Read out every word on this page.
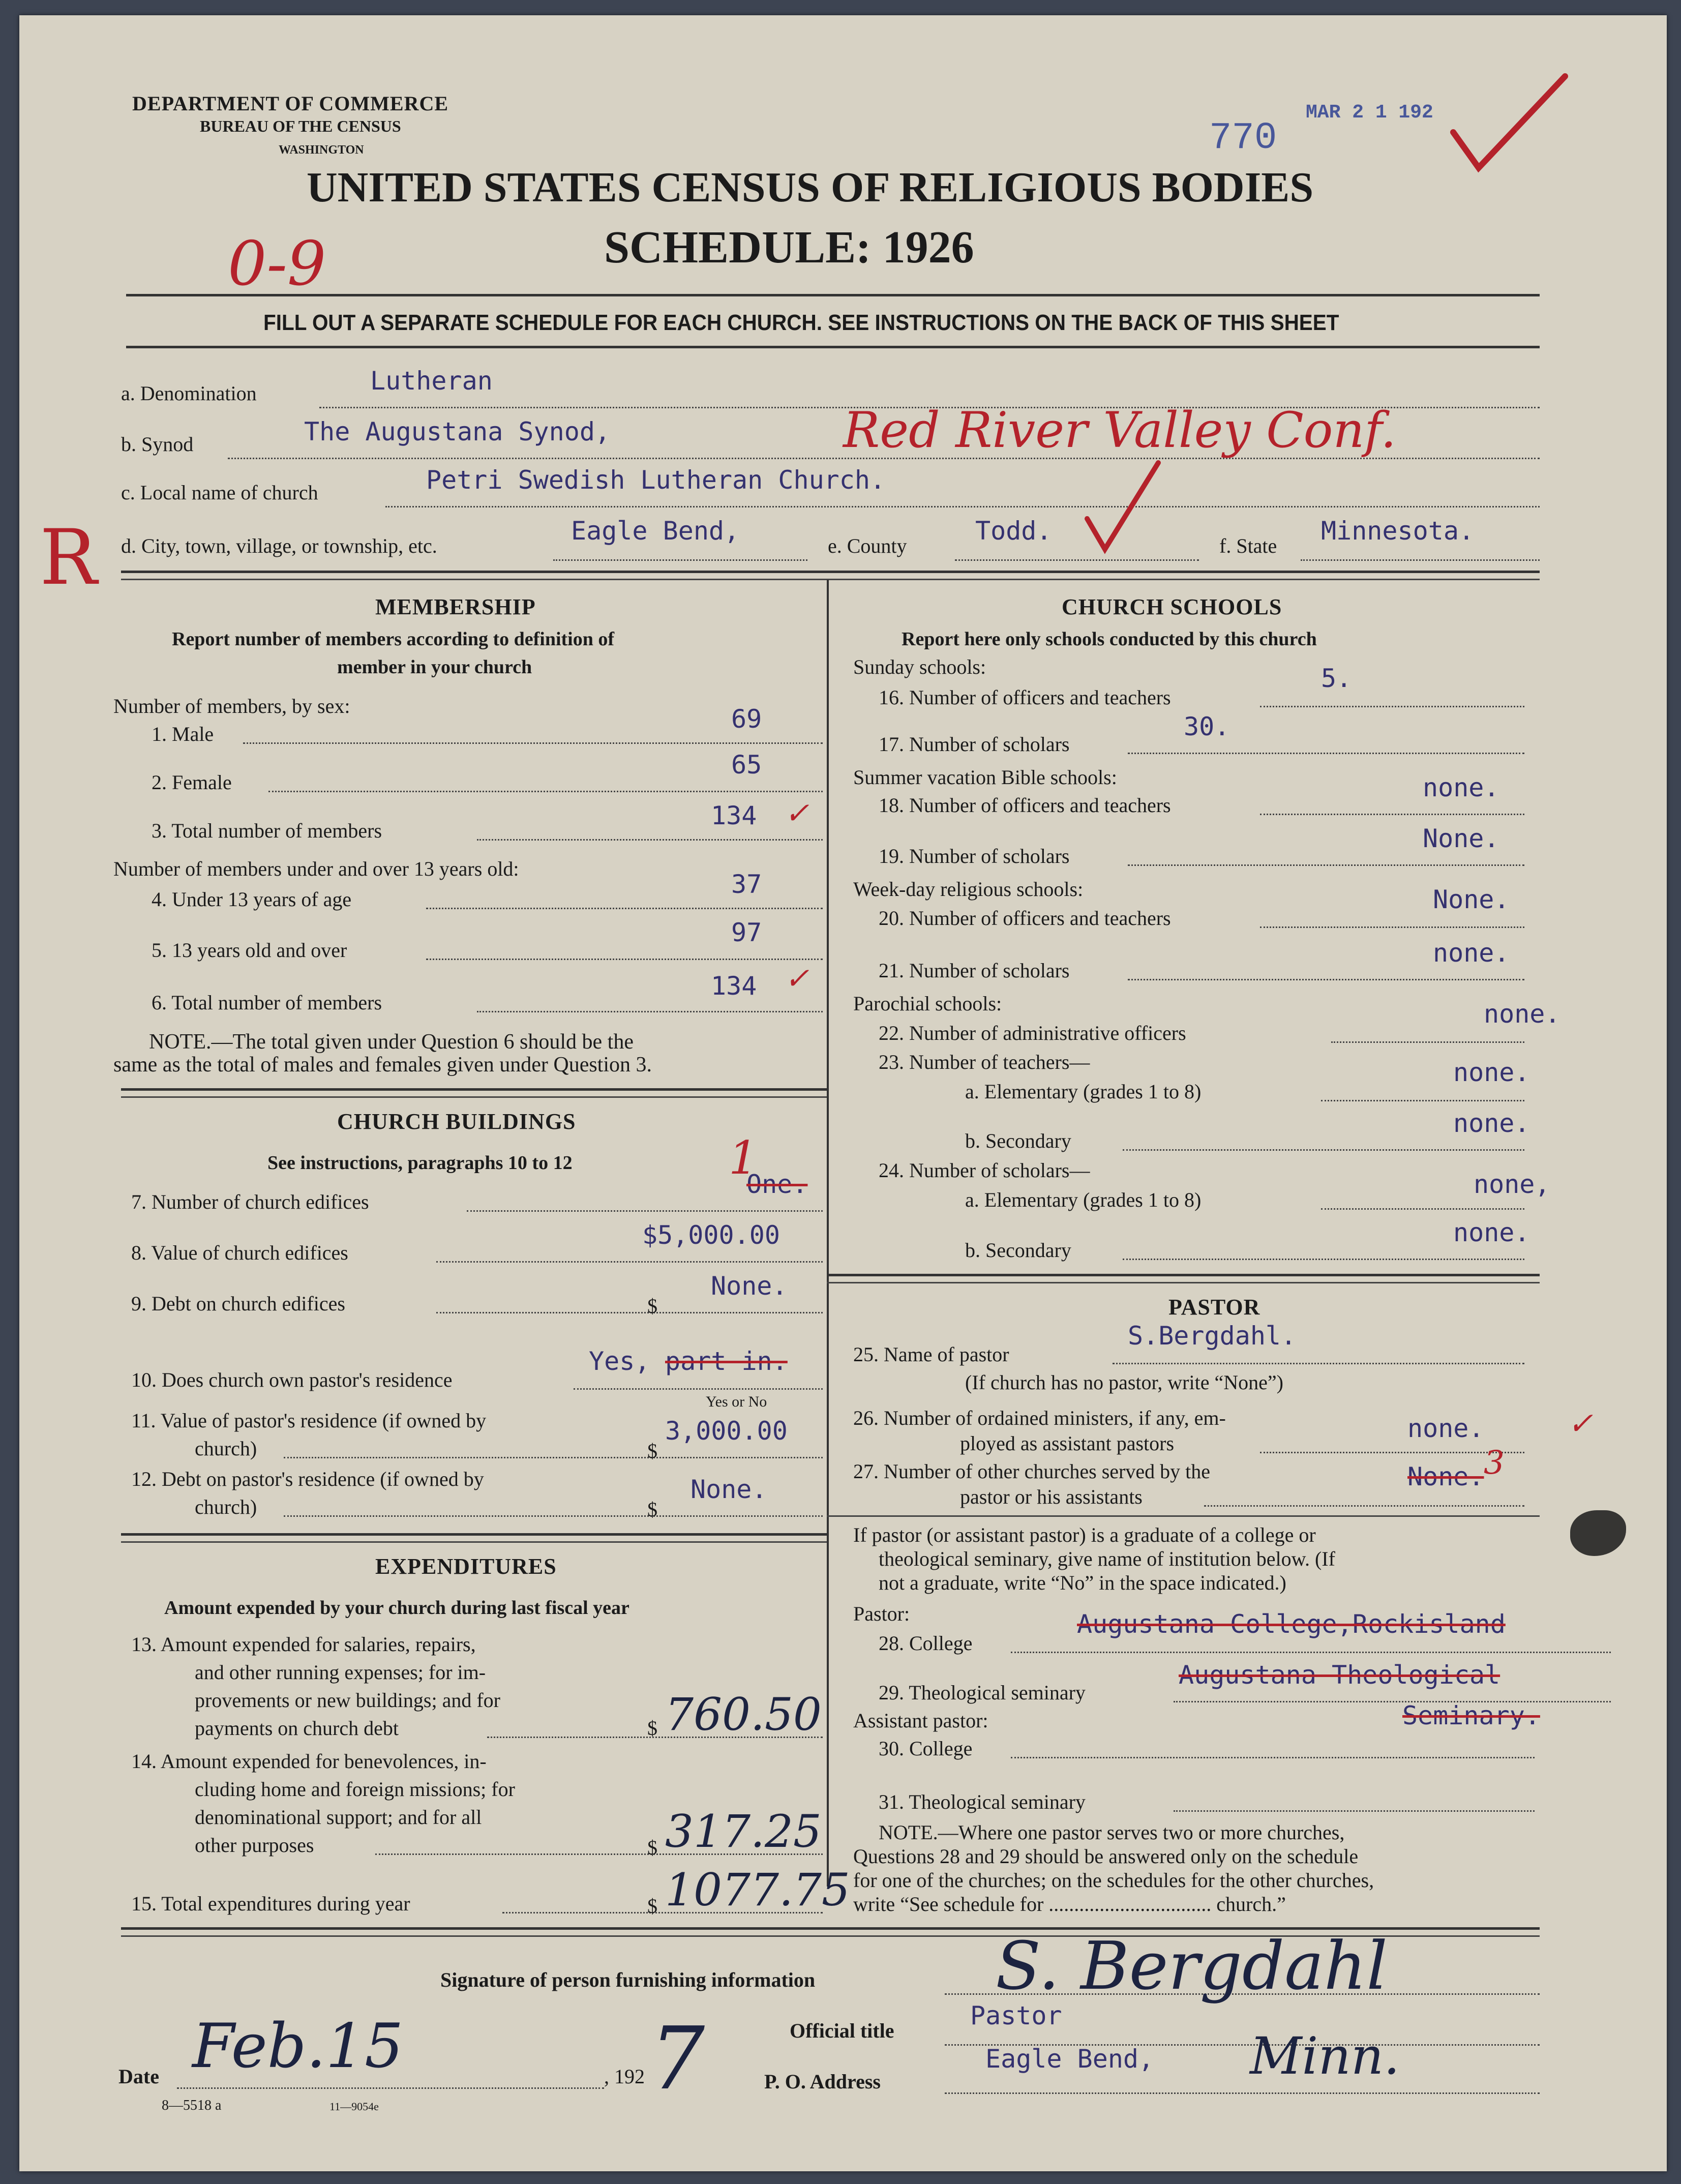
DEPARTMENT OF COMMERCE
BUREAU OF THE CENSUS
WASHINGTON	770
MAR 2 1 192
UNITED STATES CENSUS OF RELIGIOUS BODIES
SCHEDULE: 1926
0-9
FILL OUT A SEPARATE SCHEDULE FOR EACH CHURCH. SEE INSTRUCTIONS ON THE BACK OF THIS SHEET
a. Denomination	Lutheran
b. Synod	The Augustana Synod,	Red River Valley Conf.
c. Local name of church	Petri Swedish Lutheran Church.
R d. City, town, village, or township, etc.
Eagle Bend,
e. County
Todd.
f. State
Minnesota.
MEMBERSHIP
Report number of members according to definition of
member in your church
Number of members, by sex:
1. Male
69
2. Female
65
3. Total number of members
134 ✓
Number of members under and over 13 years old:
4. Under 13 years of age
37
5. 13 years old and over
97
6. Total number of members
134 ✓
NOTE.—The total given under Question 6 should be the
same as the total of males and females given under Question 3.
CHURCH BUILDINGS
See instructions, paragraphs 10 to 12	1
7. Number of church edifices
One.
8. Value of church edifices
$5,000.00
9. Debt on church edifices	$
None.
10. Does church own pastor's residence
Yes, part in.
Yes or No
11. Value of pastor's residence (if owned by
church)	$
3,000.00
12. Debt on pastor's residence (if owned by
church)	$
None.
EXPENDITURES
Amount expended by your church during last fiscal year
13. Amount expended for salaries, repairs,
and other running expenses; for im-
provements or new buildings; and for
payments on church debt	$ 760.50
14. Amount expended for benevolences, in-
cluding home and foreign missions; for
denominational support; and for all
other purposes	$ 317.25
15. Total expenditures during year	$ 1077.75
CHURCH SCHOOLS
Report here only schools conducted by this church
Sunday schools:
16. Number of officers and teachers
5.
17. Number of scholars
30.
Summer vacation Bible schools:
18. Number of officers and teachers
none.
19. Number of scholars
None.
Week-day religious schools:
20. Number of officers and teachers
None.
21. Number of scholars
none.
Parochial schools:
22. Number of administrative officers
none.
23. Number of teachers—
a. Elementary (grades 1 to 8)
none.
b. Secondary
none.
24. Number of scholars—
a. Elementary (grades 1 to 8)
none,
b. Secondary
none.
PASTOR
25. Name of pastor
S.Bergdahl.
(If church has no pastor, write “None”)
26. Number of ordained ministers, if any, em-
ployed as assistant pastors
none.	✓
27. Number of other churches served by the
pastor or his assistants
None. 3
If pastor (or assistant pastor) is a graduate of a college or
theological seminary, give name of institution below. (If
not a graduate, write “No” in the space indicated.)
Pastor:
28. College
Augustana College,Rockisland
29. Theological seminary
Augustana Theological
Seminary.
Assistant pastor:
30. College
31. Theological seminary
NOTE.—Where one pastor serves two or more churches,
Questions 28 and 29 should be answered only on the schedule
for one of the churches; on the schedules for the other churches,
write “See schedule for ................................ church.”
Signature of person furnishing information	S. Bergdahl
Official title
Pastor
Date Feb.15	, 192 7	P. O. Address
Eagle Bend, Minn.
8—5518 a	11—9054e
